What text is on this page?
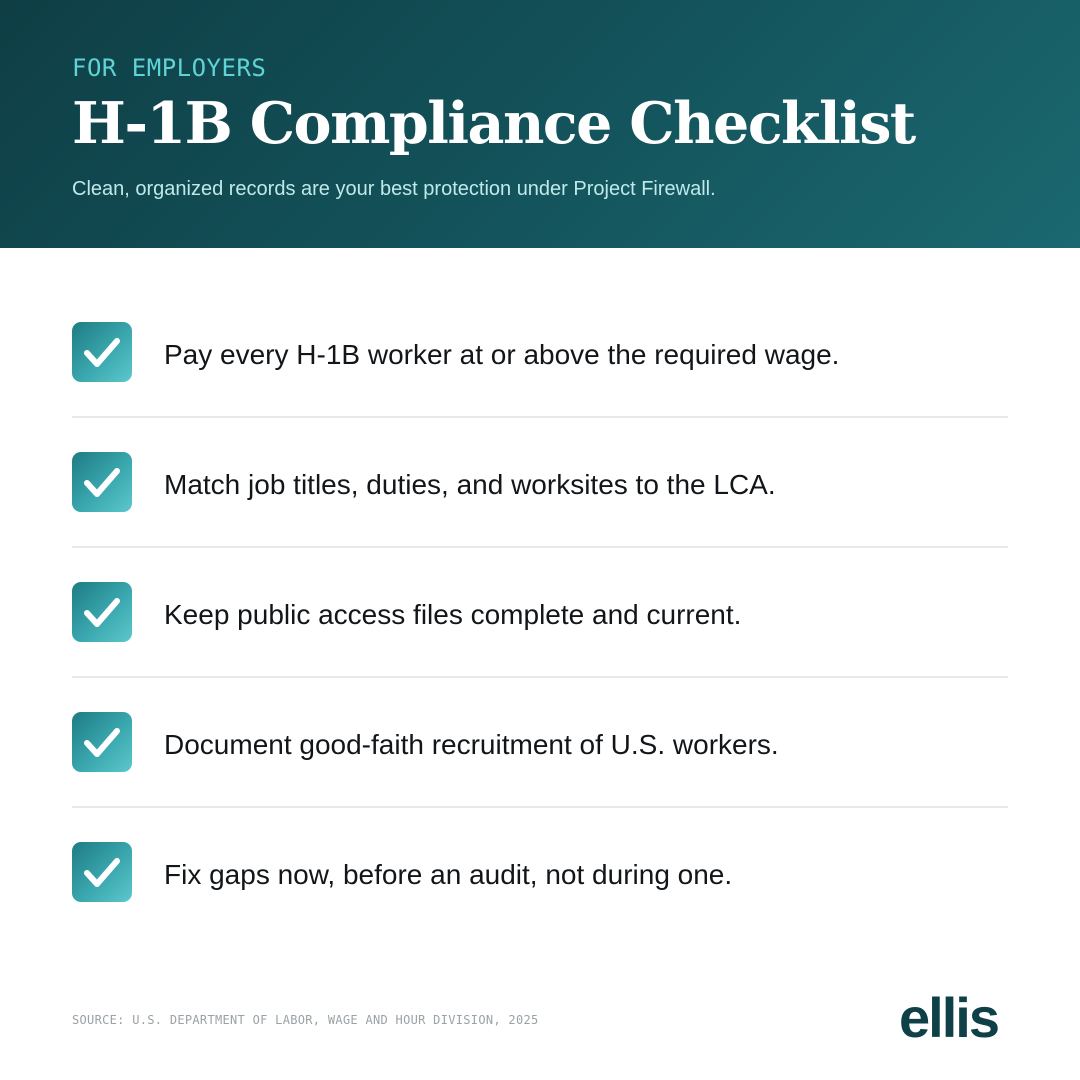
FOR EMPLOYERS
H-1B Compliance Checklist
Clean, organized records are your best protection under Project Firewall.
Pay every H-1B worker at or above the required wage.
Match job titles, duties, and worksites to the LCA.
Keep public access files complete and current.
Document good-faith recruitment of U.S. workers.
Fix gaps now, before an audit, not during one.
SOURCE: U.S. DEPARTMENT OF LABOR, WAGE AND HOUR DIVISION, 2025	ellis
